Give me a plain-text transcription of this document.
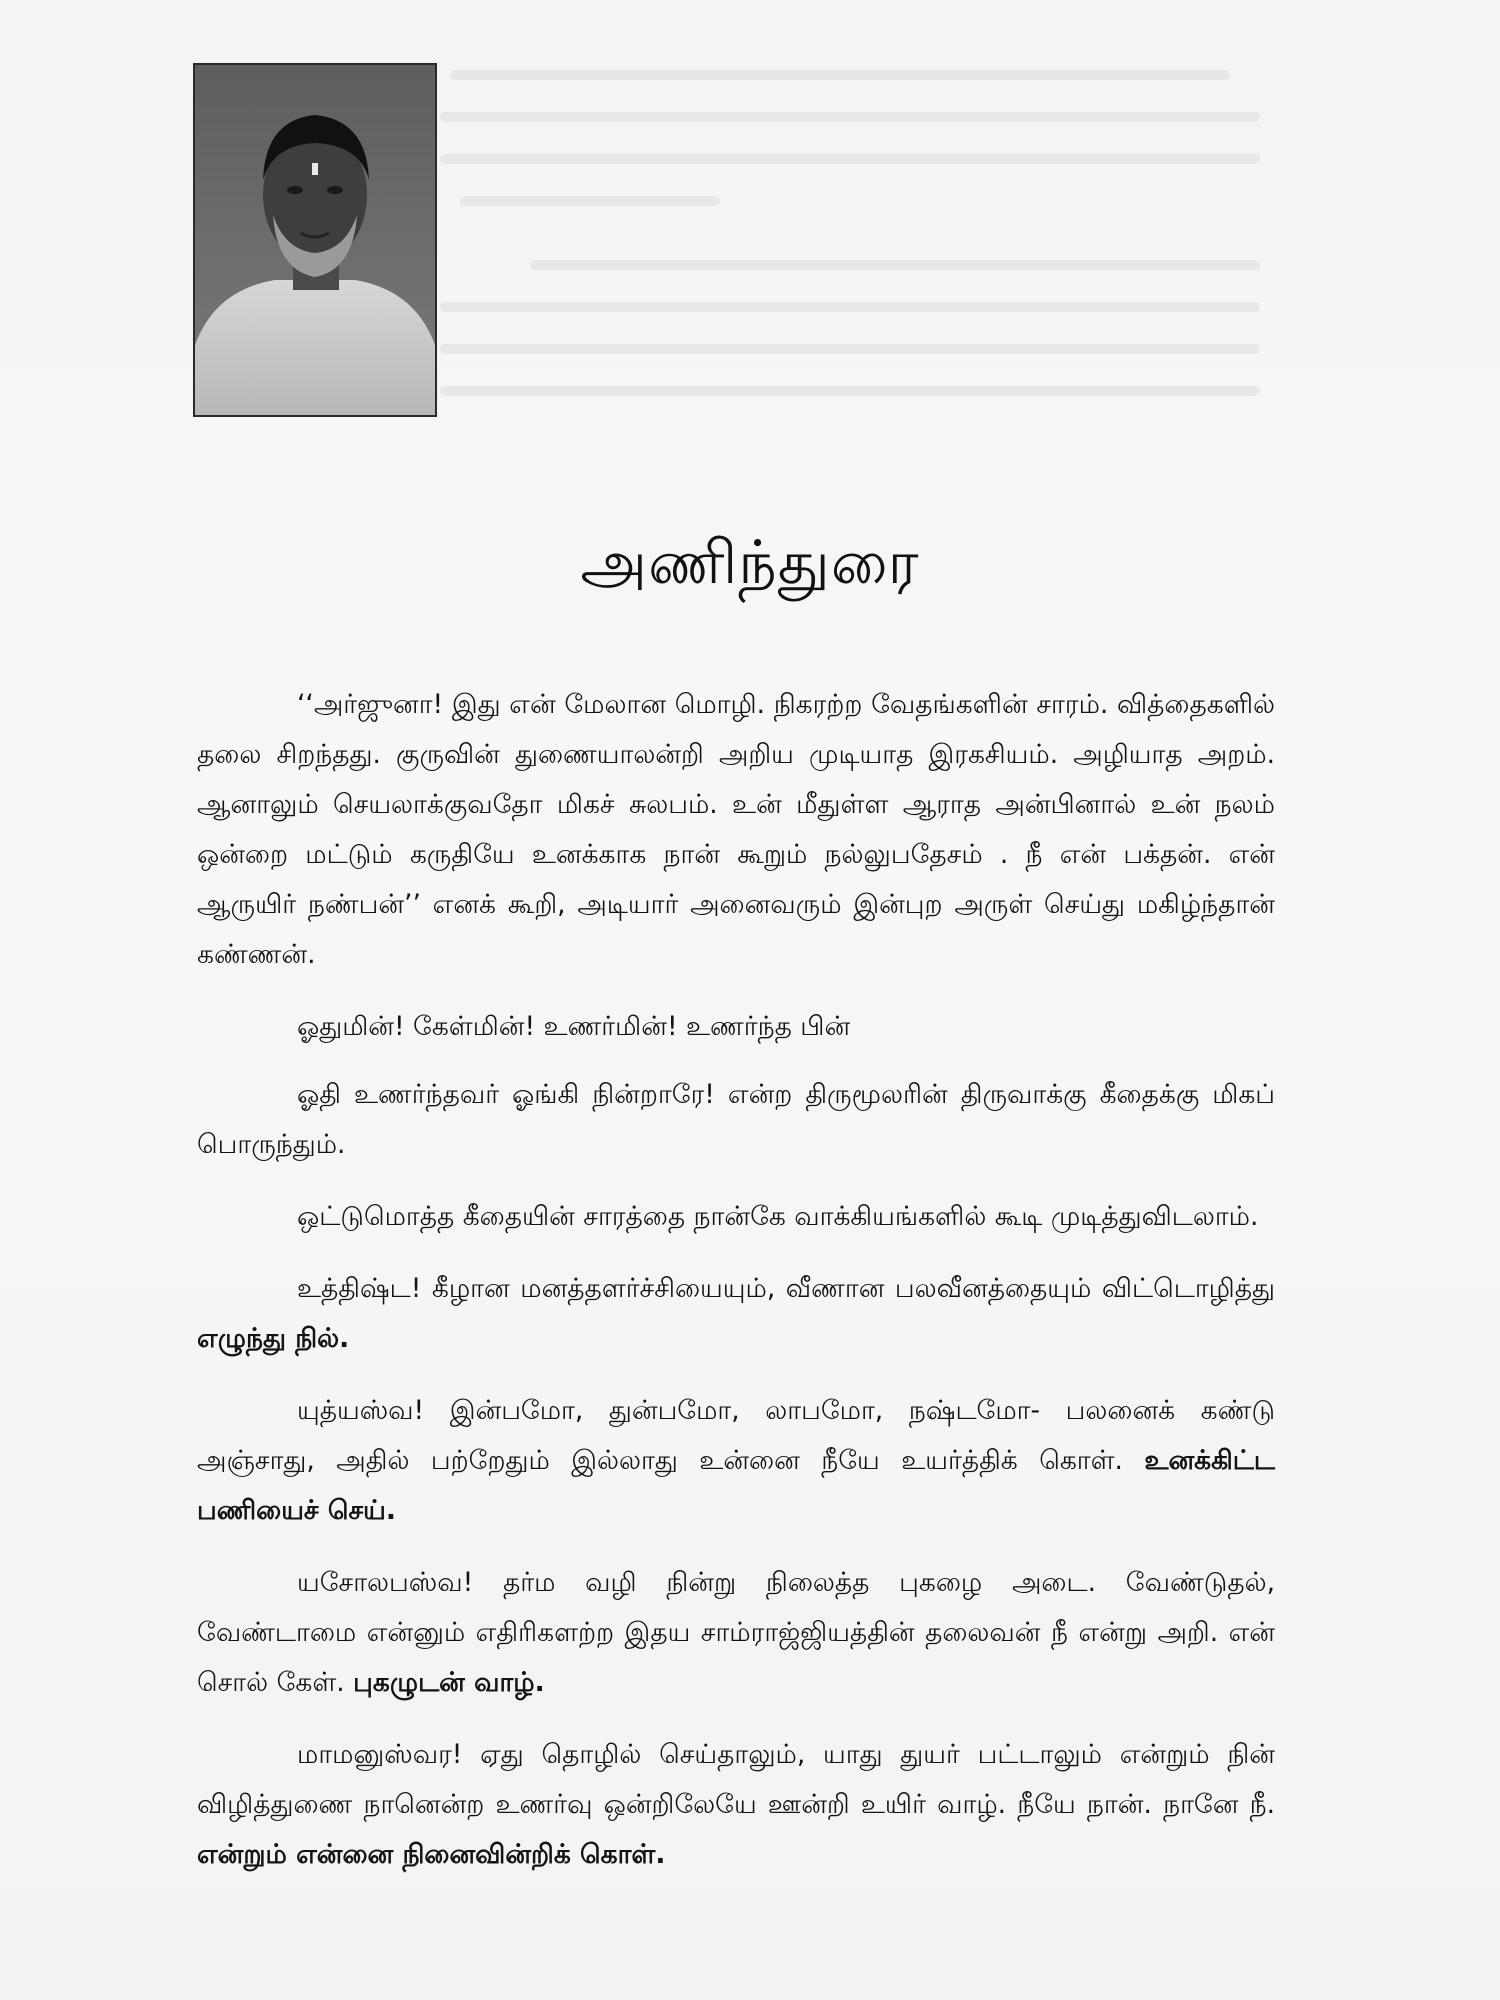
அணிந்துரை

‘‘அர்ஜுனா! இது என் மேலான மொழி. நிகரற்ற வேதங்களின் சாரம். வித்தைகளில் தலை சிறந்தது. குருவின் துணையாலன்றி அறிய முடியாத இரகசியம். அழியாத அறம். ஆனாலும் செயலாக்குவதோ மிகச் சுலபம். உன் மீதுள்ள ஆராத அன்பினால் உன் நலம் ஒன்றை மட்டும் கருதியே உனக்காக நான் கூறும் நல்லுபதேசம் . நீ என் பக்தன். என் ஆருயிர் நண்பன்’’ எனக் கூறி, அடியார் அனைவரும் இன்புற அருள் செய்து மகிழ்ந்தான் கண்ணன்.

ஓதுமின்! கேள்மின்! உணர்மின்! உணர்ந்த பின்

ஓதி உணர்ந்தவர் ஓங்கி நின்றாரே! என்ற திருமூலரின் திருவாக்கு கீதைக்கு மிகப் பொருந்தும்.

ஒட்டுமொத்த கீதையின் சாரத்தை நான்கே வாக்கியங்களில் கூடி முடித்துவிடலாம்.

உத்திஷ்ட! கீழான மனத்தளர்ச்சியையும், வீணான பலவீனத்தையும் விட்டொழித்து எழுந்து நில்.

யுத்யஸ்வ! இன்பமோ, துன்பமோ, லாபமோ, நஷ்டமோ- பலனைக் கண்டு அஞ்சாது, அதில் பற்றேதும் இல்லாது உன்னை நீயே உயர்த்திக் கொள். உனக்கிட்ட பணியைச் செய்.

யசோலபஸ்வ! தர்ம வழி நின்று நிலைத்த புகழை அடை. வேண்டுதல், வேண்டாமை என்னும் எதிரிகளற்ற இதய சாம்ராஜ்ஜியத்தின் தலைவன் நீ என்று அறி. என் சொல் கேள். புகழுடன் வாழ்.

மாமனுஸ்வர! ஏது தொழில் செய்தாலும், யாது துயர் பட்டாலும் என்றும் நின் விழித்துணை நானென்ற உணர்வு ஒன்றிலேயே ஊன்றி உயிர் வாழ். நீயே நான். நானே நீ. என்றும் என்னை நினைவின்றிக் கொள்.
